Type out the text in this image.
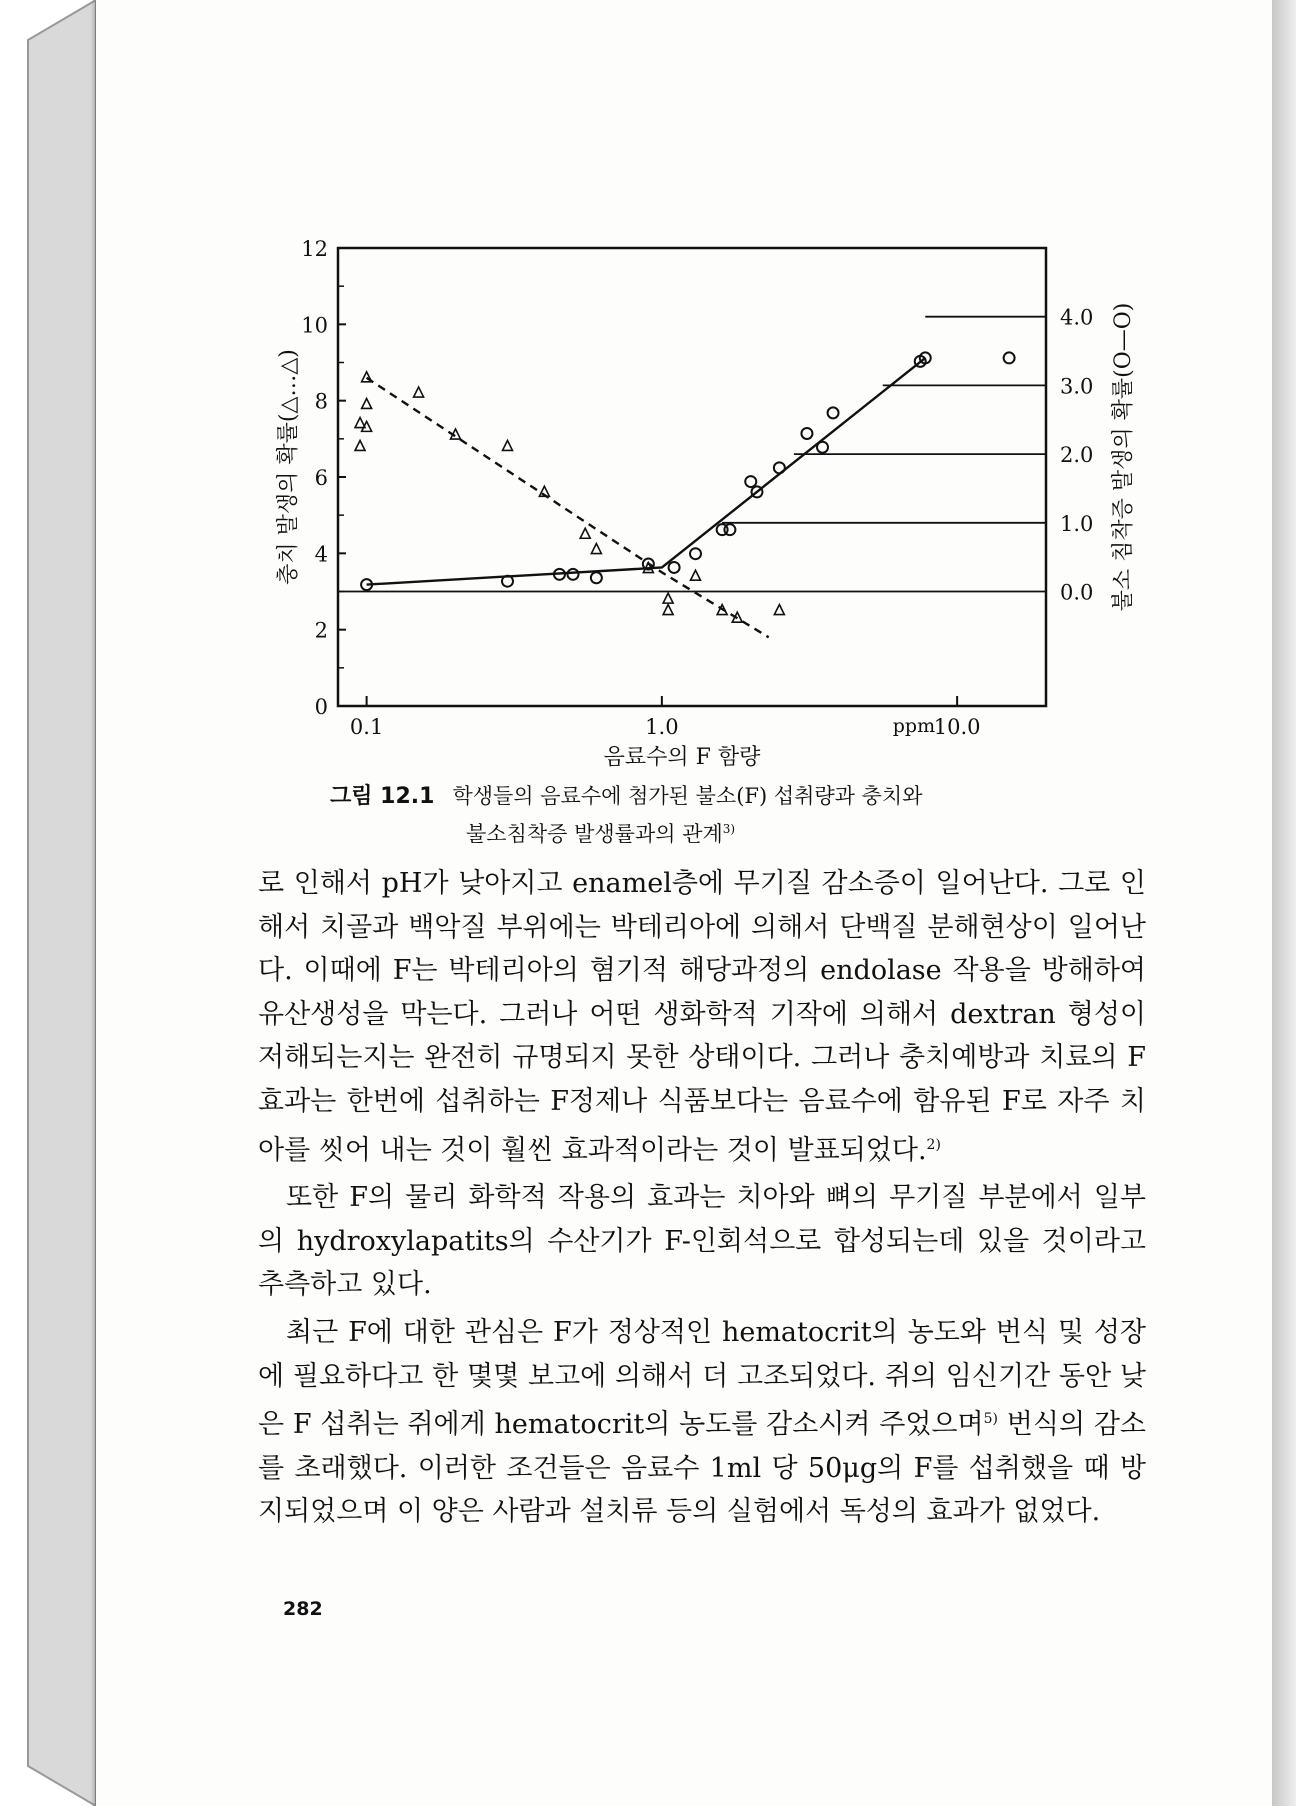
0
2
4
6
8
10
12
0.0
1.0
2.0
3.0
4.0
0.1	1.0	10.0
ppm
음료수의 F 함량
충치 발생의 확률(△…△)	불소 침착증 발생의 확률(O—O)
그림 12.1 학생들의 음료수에 첨가된 불소(F) 섭취량과 충치와
불소침착증 발생률과의 관계$^{3)}$

로 인해서 pH가 낮아지고 enamel층에 무기질 감소증이 일어난다. 그로 인해서 치골과 백악질 부위에는 박테리아에 의해서 단백질 분해현상이 일어난다. 이때에 F는 박테리아의 혐기적 해당과정의 endolase 작용을 방해하여 유산생성을 막는다. 그러나 어떤 생화학적 기작에 의해서 dextran 형성이 저해되는지는 완전히 규명되지 못한 상태이다. 그러나 충치예방과 치료의 F효과는 한번에 섭취하는 F정제나 식품보다는 음료수에 함유된 F로 자주 치아를 씻어 내는 것이 훨씬 효과적이라는 것이 발표되었다.$^{2)}$

또한 F의 물리 화학적 작용의 효과는 치아와 뼈의 무기질 부분에서 일부의 hydroxylapatits의 수산기가 F-인회석으로 합성되는데 있을 것이라고 추측하고 있다.

최근 F에 대한 관심은 F가 정상적인 hematocrit의 농도와 번식 및 성장에 필요하다고 한 몇몇 보고에 의해서 더 고조되었다. 쥐의 임신기간 동안 낮은 F 섭취는 쥐에게 hematocrit의 농도를 감소시켜 주었으며$^{5)}$ 번식의 감소를 초래했다. 이러한 조건들은 음료수 1ml 당 50μg의 F를 섭취했을 때 방지되었으며 이 양은 사람과 설치류 등의 실험에서 독성의 효과가 없었다.

282
